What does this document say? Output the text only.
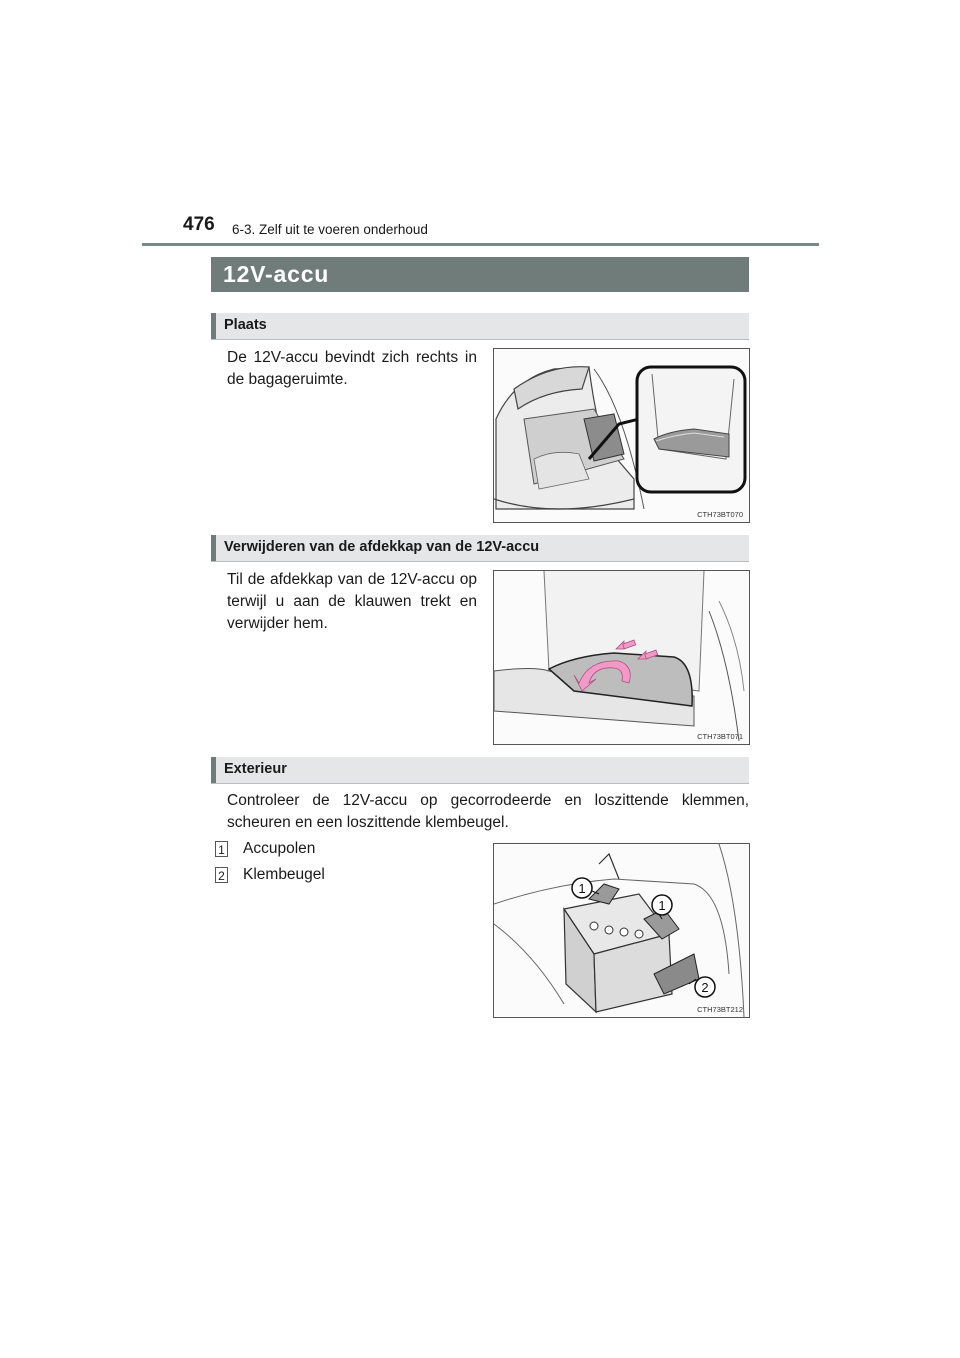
476 6-3. Zelf uit te voeren onderhoud
12V-accu
Plaats
De 12V-accu bevindt zich rechts in de bagageruimte.
CTH73BT070
Verwijderen van de afdekkap van de 12V-accu
Til de afdekkap van de 12V-accu op terwijl u aan de klauwen trekt en verwijder hem.
CTH73BT071
Exterieur
Controleer de 12V-accu op gecorrodeerde en loszittende klemmen, scheuren en een loszittende klembeugel.
1 Accupolen
2 Klembeugel
1
1
2
CTH73BT212
